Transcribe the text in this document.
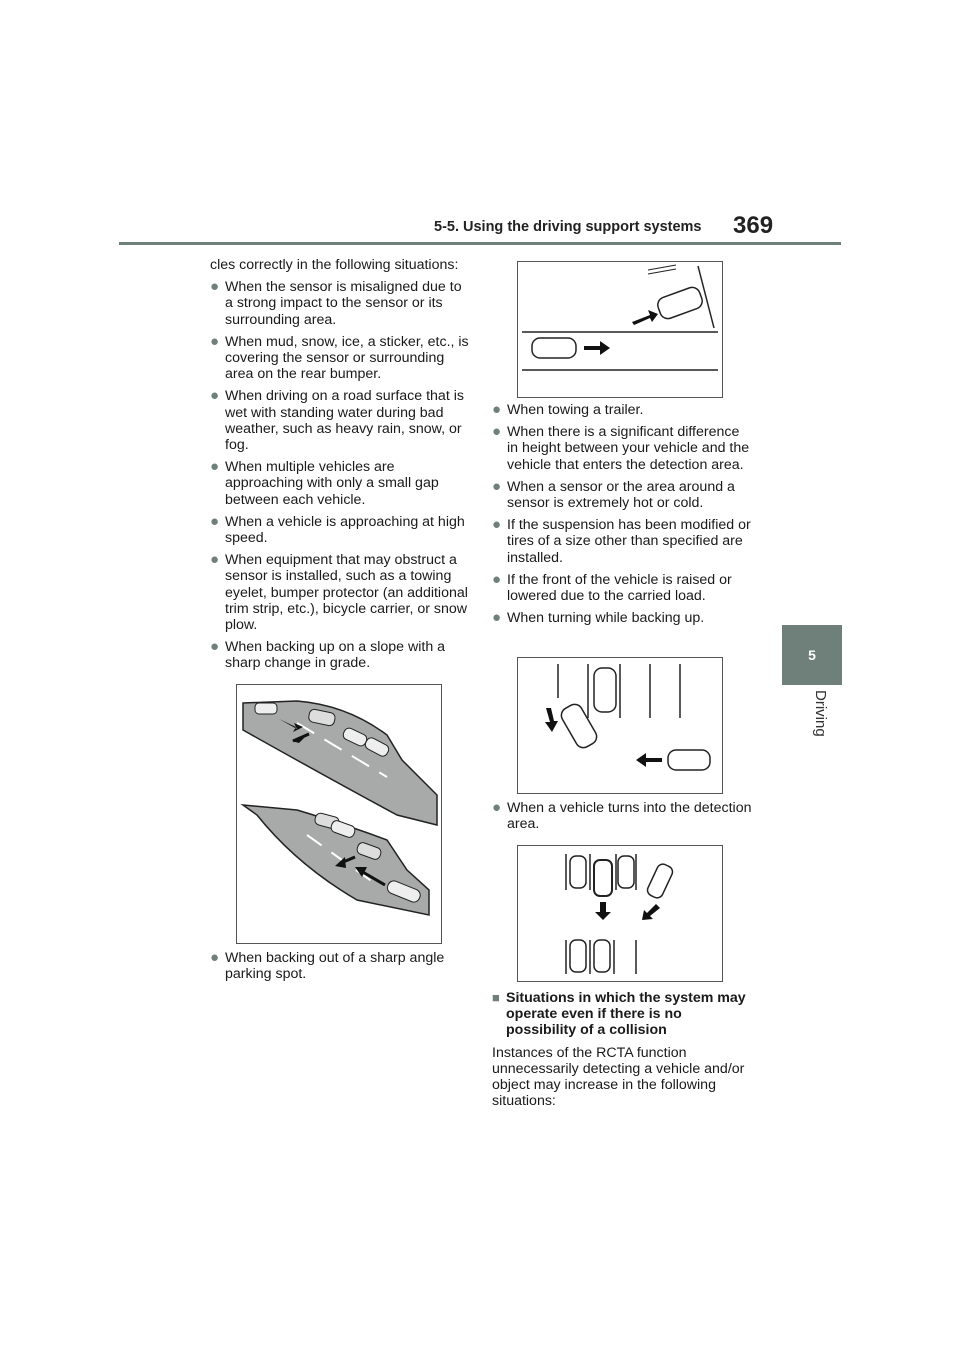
5-5. Using the driving support systems 369
5
Driving

cles correctly in the following situations:

● When the sensor is misaligned due to a strong impact to the sensor or its surrounding area.
● When mud, snow, ice, a sticker, etc., is covering the sensor or surrounding area on the rear bumper.
● When driving on a road surface that is wet with standing water during bad weather, such as heavy rain, snow, or fog.
● When multiple vehicles are approaching with only a small gap between each vehicle.
● When a vehicle is approaching at high speed.
● When equipment that may obstruct a sensor is installed, such as a towing eyelet, bumper protector (an additional trim strip, etc.), bicycle carrier, or snow plow.
● When backing up on a slope with a sharp change in grade.
● When backing out of a sharp angle parking spot.
● When towing a trailer.
● When there is a significant difference in height between your vehicle and the vehicle that enters the detection area.
● When a sensor or the area around a sensor is extremely hot or cold.
● If the suspension has been modified or tires of a size other than specified are installed.
● If the front of the vehicle is raised or lowered due to the carried load.
● When turning while backing up.
● When a vehicle turns into the detection area.
■ Situations in which the system may operate even if there is no possibility of a collision

Instances of the RCTA function unnecessarily detecting a vehicle and/or object may increase in the following situations:
